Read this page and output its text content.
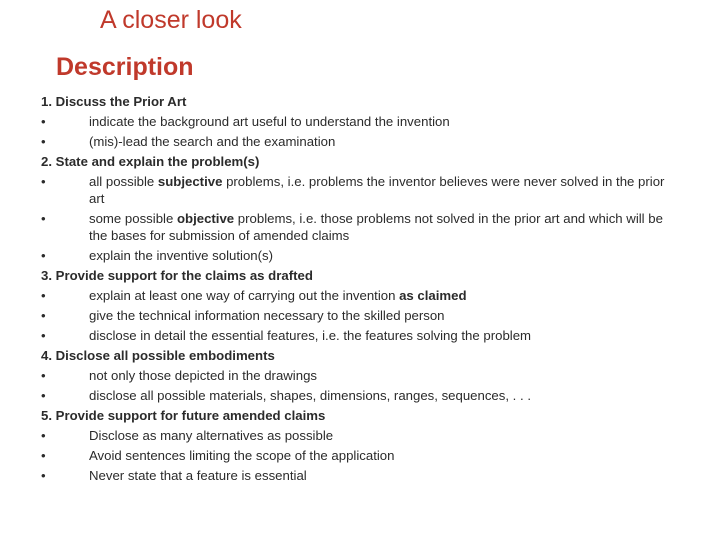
A closer look
Description
1. Discuss the Prior Art
•	indicate the background art useful to understand the invention
•	(mis)-lead the search and the examination
2. State and explain the problem(s)
•	all possible subjective problems, i.e. problems the inventor believes were never solved in the prior art
•	some possible objective problems, i.e. those problems not solved in the prior art and which will be the bases for submission of amended claims
•	explain the inventive solution(s)
3. Provide support for the claims as drafted
•	explain at least one way of carrying out the invention as claimed
•	give the technical information necessary to the skilled person
•	disclose in detail the essential features, i.e. the features solving the problem
4. Disclose all possible embodiments
•	not only those depicted in the drawings
•	disclose all possible materials, shapes, dimensions, ranges, sequences, . . .
5. Provide support for future amended claims
•	Disclose as many alternatives as possible
•	Avoid sentences limiting the scope of the application
•	Never state that a feature is essential
